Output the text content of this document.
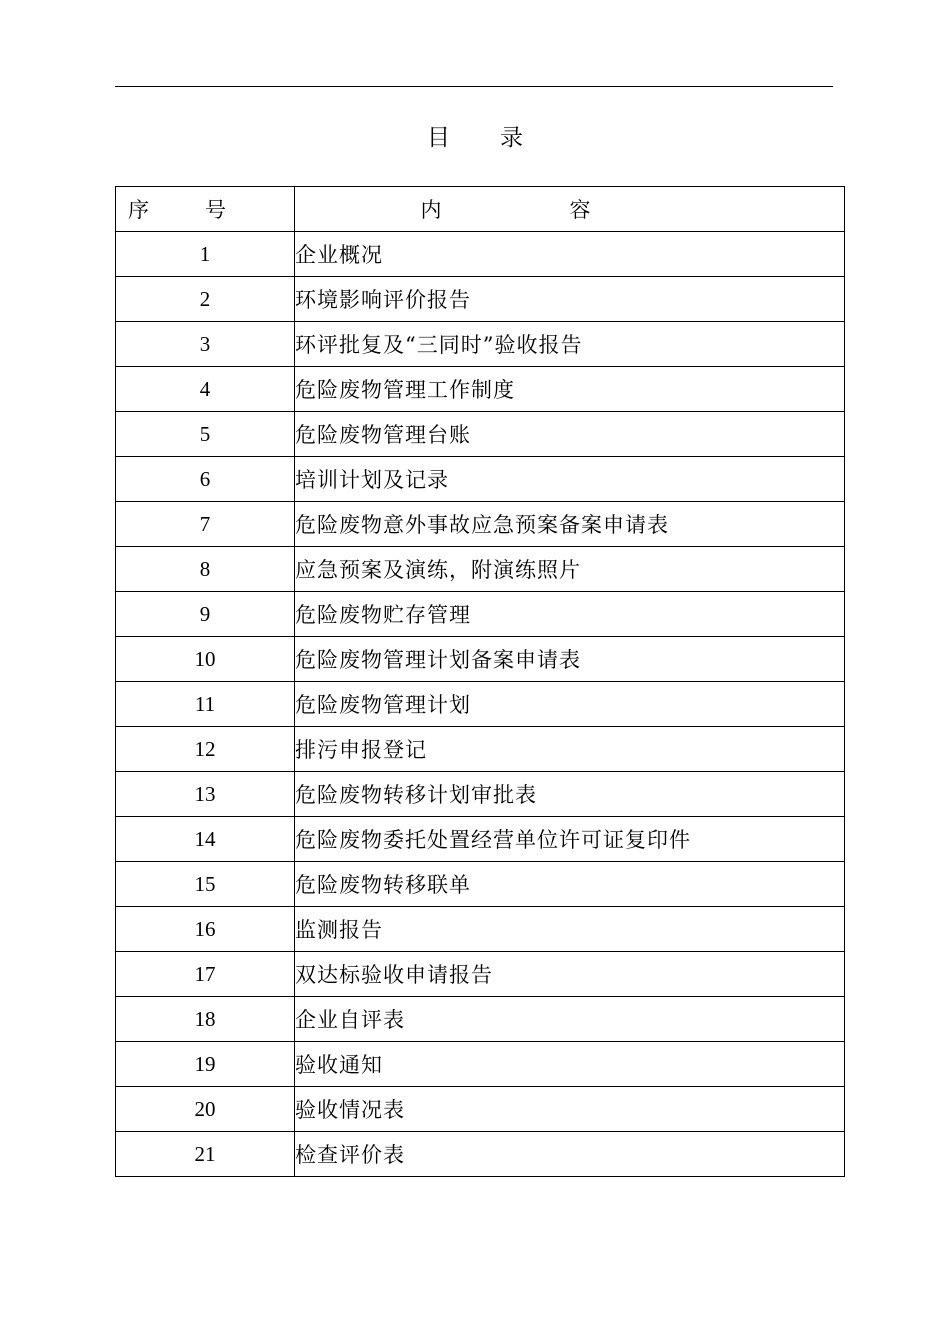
目录
序号	内容
1	企业概况
2	环境影响评价报告
3	环评批复及“三同时”验收报告
4	危险废物管理工作制度
5	危险废物管理台账
6	培训计划及记录
7	危险废物意外事故应急预案备案申请表
8	应急预案及演练，附演练照片
9	危险废物贮存管理
10	危险废物管理计划备案申请表
11	危险废物管理计划
12	排污申报登记
13	危险废物转移计划审批表
14	危险废物委托处置经营单位许可证复印件
15	危险废物转移联单
16	监测报告
17	双达标验收申请报告
18	企业自评表
19	验收通知
20	验收情况表
21	检查评价表
